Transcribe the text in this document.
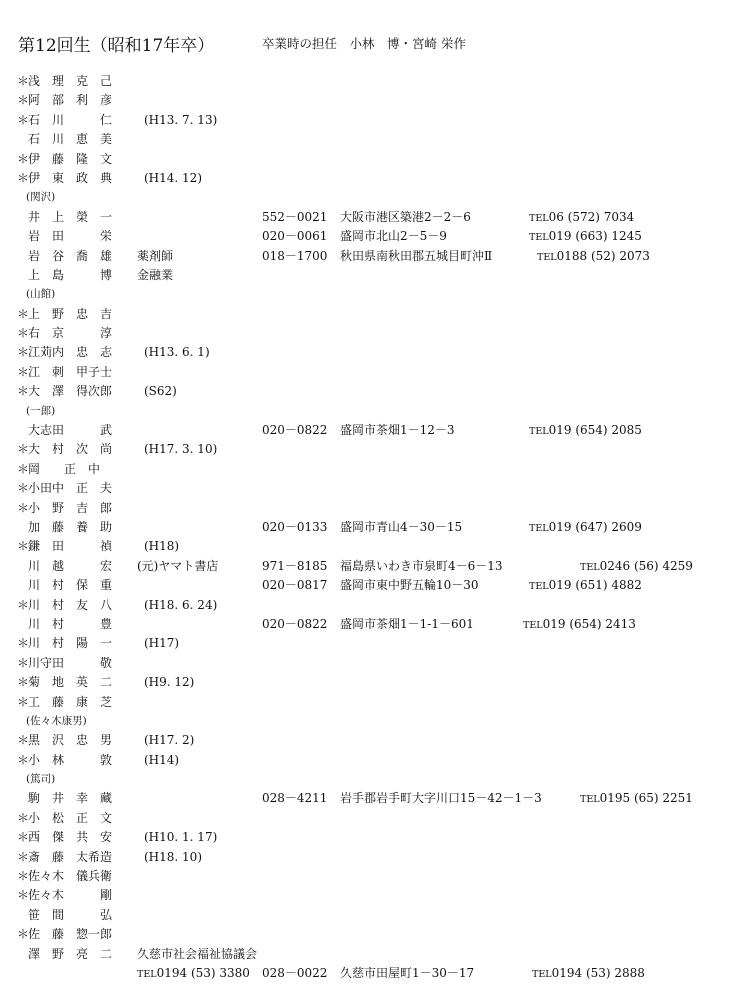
第12回生（昭和17年卒）	卒業時の担任　小林　博・宮崎 栄作
＊
浅　理　克　己
＊
阿　部　利　彦
＊
石　川　　　仁	(H13. 7. 13)
石　川　恵　美
＊
伊　藤　隆　文
＊
伊　東　政　典	(H14. 12)
(関沢)
井　上　榮　一	552－0021 大阪市港区築港2－2－6	TEL06 (572) 7034
岩　田　　　栄	020－0061 盛岡市北山2－5－9	TEL019 (663) 1245
岩　谷　喬　雄	薬剤師	018－1700 秋田県南秋田郡五城目町沖Ⅱ	TEL0188 (52) 2073
上　島　　　博	金融業
(山館)
＊
上　野　忠　吉
＊
右　京　　　淳
＊
江苅内　忠　志	(H13. 6. 1)
＊
江　刺　甲子士
＊
大　澤　得次郎	(S62)
(一郎)
大志田　　　武	020－0822 盛岡市茶畑1－12－3	TEL019 (654) 2085
＊
大　村　次　尚	(H17. 3. 10)
＊
岡　　正　中
＊
小田中　正　夫
＊
小　野　吉　郎
加　藤　養　助	020－0133 盛岡市青山4－30－15	TEL019 (647) 2609
＊
鎌　田　　　禎	(H18)
川　越　　　宏	(元)ヤマト書店	971－8185 福島県いわき市泉町4－6－13	TEL0246 (56) 4259
川　村　保　重	020－0817 盛岡市東中野五輪10－30	TEL019 (651) 4882
＊
川　村　友　八	(H18. 6. 24)
川　村　　　豊	020－0822 盛岡市茶畑1－1-1－601	TEL019 (654) 2413
＊
川　村　陽　一	(H17)
＊
川守田　　　敬
＊
菊　地　英　二	(H9. 12)
＊
工　藤　康　芝
(佐々木康男)
＊
黒　沢　忠　男	(H17. 2)
＊
小　林　　　敦	(H14)
(篤司)
駒　井　幸　藏	028－4211 岩手郡岩手町大字川口15－42－1－3	TEL0195 (65) 2251
＊
小　松　正　文
＊
西　傑　共　安	(H10. 1. 17)
＊
斎　藤　太希造	(H18. 10)
＊
佐々木　儀兵衛
＊
佐々木　　　剛
笹　間　　　弘
＊
佐　藤　惣一郎
澤　野　亮　二	久慈市社会福祉協議会
TEL0194 (53) 3380 028－0022 久慈市田屋町1－30－17	TEL0194 (53) 2888
